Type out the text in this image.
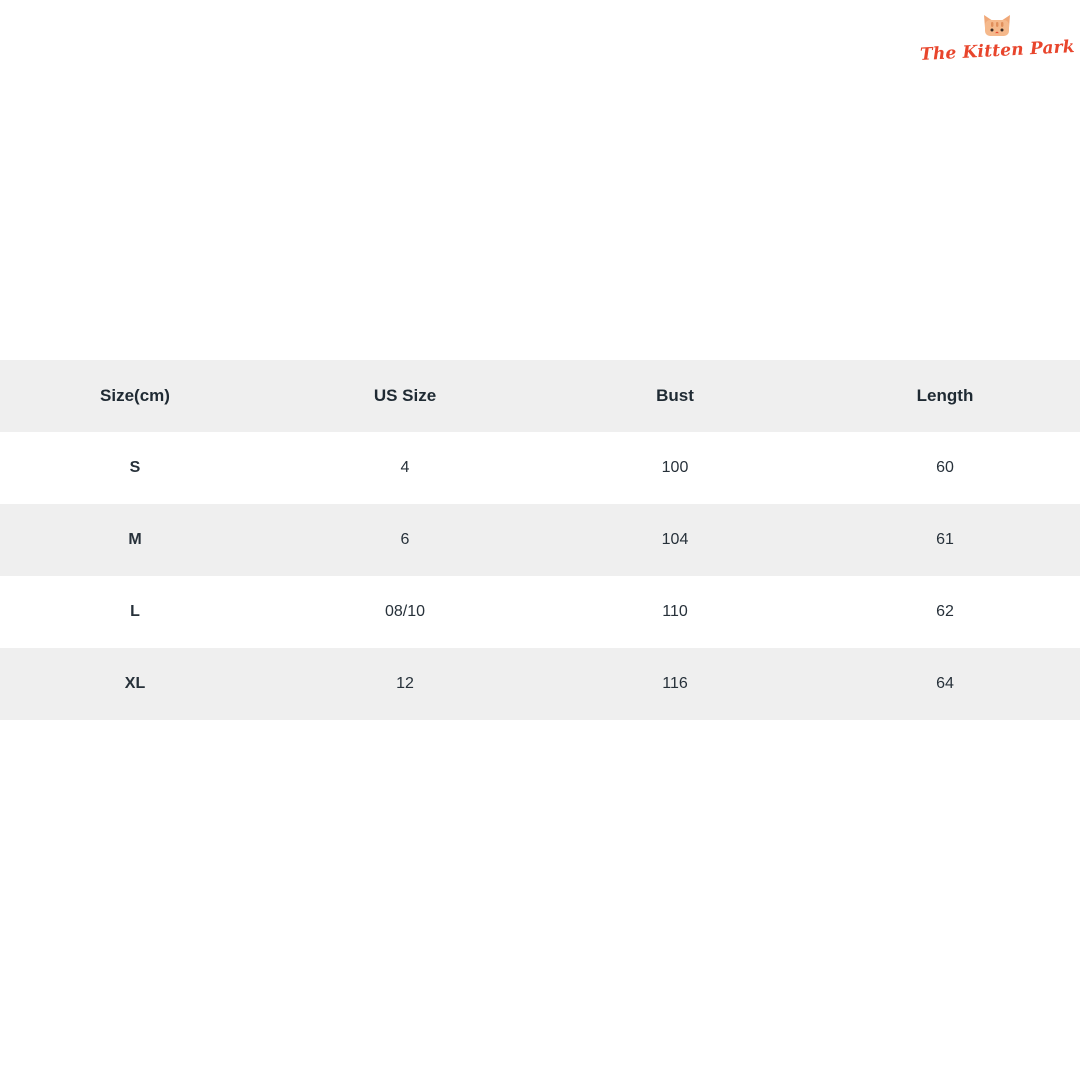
The Kitten Park
Size(cm)	US Size	Bust	Length
S	4	100	60
M	6	104	61
L	08/10	110	62
XL	12	116	64
